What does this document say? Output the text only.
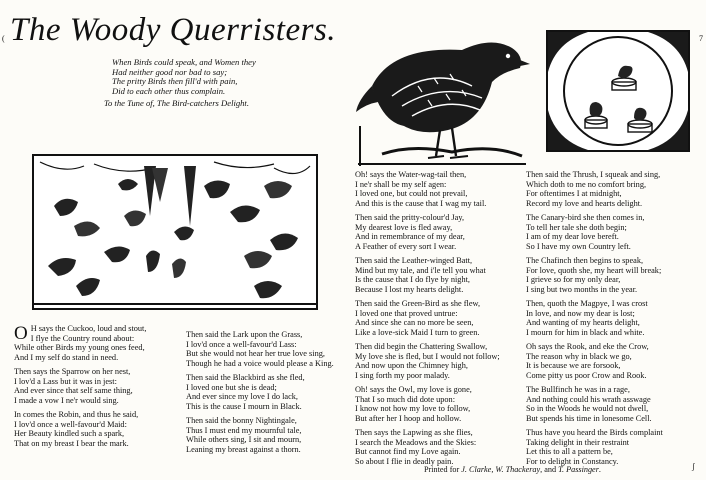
The Woody Querristers.
When Birds could speak, and Women they
Had neither good nor bad to say;
The pritty Birds then fill'd with pain,
Did to each other thus complain.
To the Tune of, The Bird-catchers Delight.
(	7
ʃ
O H says the Cuckoo, loud and stout,
I flye the Country round about:
While other Birds my young ones feed,
And I my self do stand in need.
Then says the Sparrow on her nest,
I lov'd a Lass but it was in jest:
And ever since that self same thing,
I made a vow I ne'r would sing.
In comes the Robin, and thus he said,
I lov'd once a well-favour'd Maid:
Her Beauty kindled such a spark,
That on my breast I bear the mark.
Then said the Lark upon the Grass,
I lov'd once a well-favour'd Lass:
But she would not hear her true love sing,
Though he had a voice would please a King.
Then said the Blackbird as she fled,
I loved one but she is dead;
And ever since my love I do lack,
This is the cause I mourn in Black.
Then said the bonny Nightingale,
Thus I must end my mournful tale,
While others sing, I sit and mourn,
Leaning my breast against a thorn.
Oh! says the Water-wag-tail then,
I ne'r shall be my self agen:
I loved one, but could not prevail,
And this is the cause that I wag my tail.
Then said the pritty-colour'd Jay,
My dearest love is fled away,
And in remembrance of my dear,
A Feather of every sort I wear.
Then said the Leather-winged Batt,
Mind but my tale, and i'le tell you what
Is the cause that I do flye by night,
Because I lost my hearts delight.
Then said the Green-Bird as she flew,
I loved one that proved untrue:
And since she can no more be seen,
Like a love-sick Maid I turn to green.
Then did begin the Chattering Swallow,
My love she is fled, but I would not follow;
And now upon the Chimney high,
I sing forth my poor malady.
Oh! says the Owl, my love is gone,
That I so much did dote upon:
I know not how my love to follow,
But after her I hoop and hollow.
Then says the Lapwing as she flies,
I search the Meadows and the Skies:
But cannot find my Love again.
So about I flie in deadly pain.
Then said the Thrush, I squeak and sing,
Which doth to me no comfort bring,
For oftentimes I at midnight,
Record my love and hearts delight.
The Canary-bird she then comes in,
To tell her tale she doth begin;
I am of my dear love bereft.
So I have my own Country left.
The Chafinch then begins to speak,
For love, quoth she, my heart will break;
I grieve so for my only dear,
I sing but two months in the year.
Then, quoth the Magpye, I was crost
In love, and now my dear is lost;
And wanting of my hearts delight,
I mourn for him in black and white.
Oh says the Rook, and eke the Crow,
The reason why in black we go,
It is because we are forsook,
Come pitty us poor Crow and Rook.
The Bullfinch he was in a rage,
And nothing could his wrath asswage
So in the Woods he would not dwell,
But spends his time in lonesome Cell.
Thus have you heard the Birds complaint
Taking delight in their restraint
Let this to all a pattern be,
For to delight in Constancy.
Printed for J. Clarke, W. Thackeray, and T. Passinger.
